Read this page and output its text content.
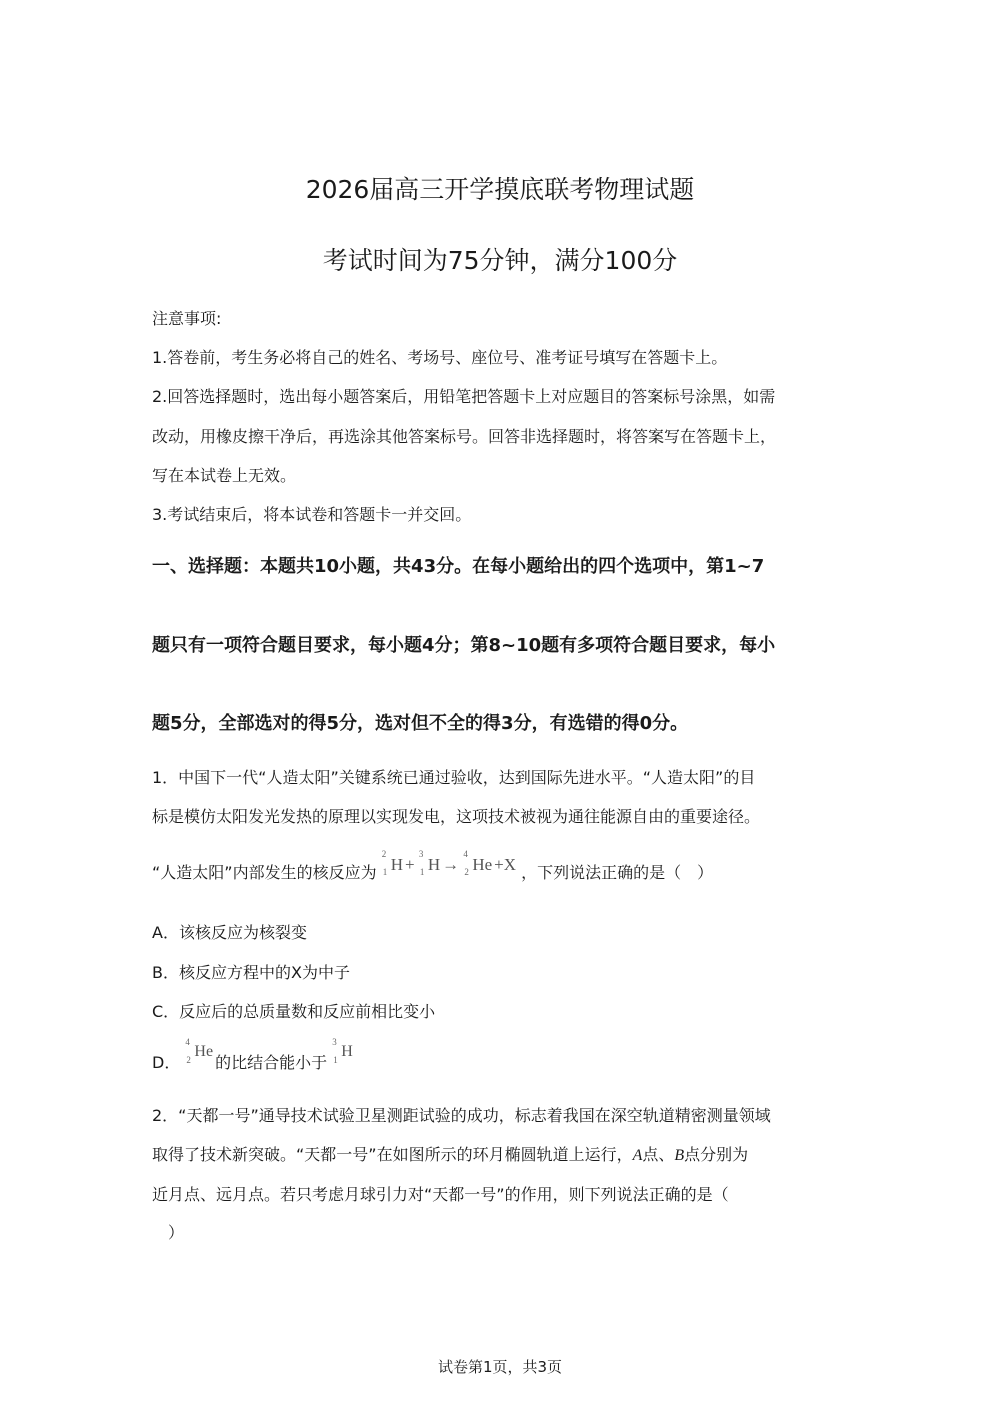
2026届高三开学摸底联考物理试题
考试时间为75分钟，满分100分
注意事项:
1.答卷前，考生务必将自己的姓名、考场号、座位号、准考证号填写在答题卡上。
2.回答选择题时，选出每小题答案后，用铅笔把答题卡上对应题目的答案标号涂黑，如需
改动，用橡皮擦干净后，再选涂其他答案标号。回答非选择题时，将答案写在答题卡上，
写在本试卷上无效。
3.考试结束后，将本试卷和答题卡一并交回。
一、选择题：本题共10小题，共43分。在每小题给出的四个选项中，第1~7
题只有一项符合题目要求，每小题4分；第8~10题有多项符合题目要求，每小
题5分，全部选对的得5分，选对但不全的得3分，有选错的得0分。
1．中国下一代“人造太阳”关键系统已通过验收，达到国际先进水平。“人造太阳”的目
标是模仿太阳发光发热的原理以实现发电，这项技术被视为通往能源自由的重要途径。
“人造太阳”内部发生的核反应为
2
1 H +
3
1 H →
4
2 He +X ，下列说法正确的是（　）
A．该核反应为核裂变
B．核反应方程中的X为中子
C．反应后的总质量数和反应前相比变小
D．
4
2 He的比结合能小于
3
1 H
2．“天都一号”通导技术试验卫星测距试验的成功，标志着我国在深空轨道精密测量领域
取得了技术新突破。“天都一号”在如图所示的环月椭圆轨道上运行，A点、B点分别为
近月点、远月点。若只考虑月球引力对“天都一号”的作用，则下列说法正确的是（
）
试卷第1页，共3页
